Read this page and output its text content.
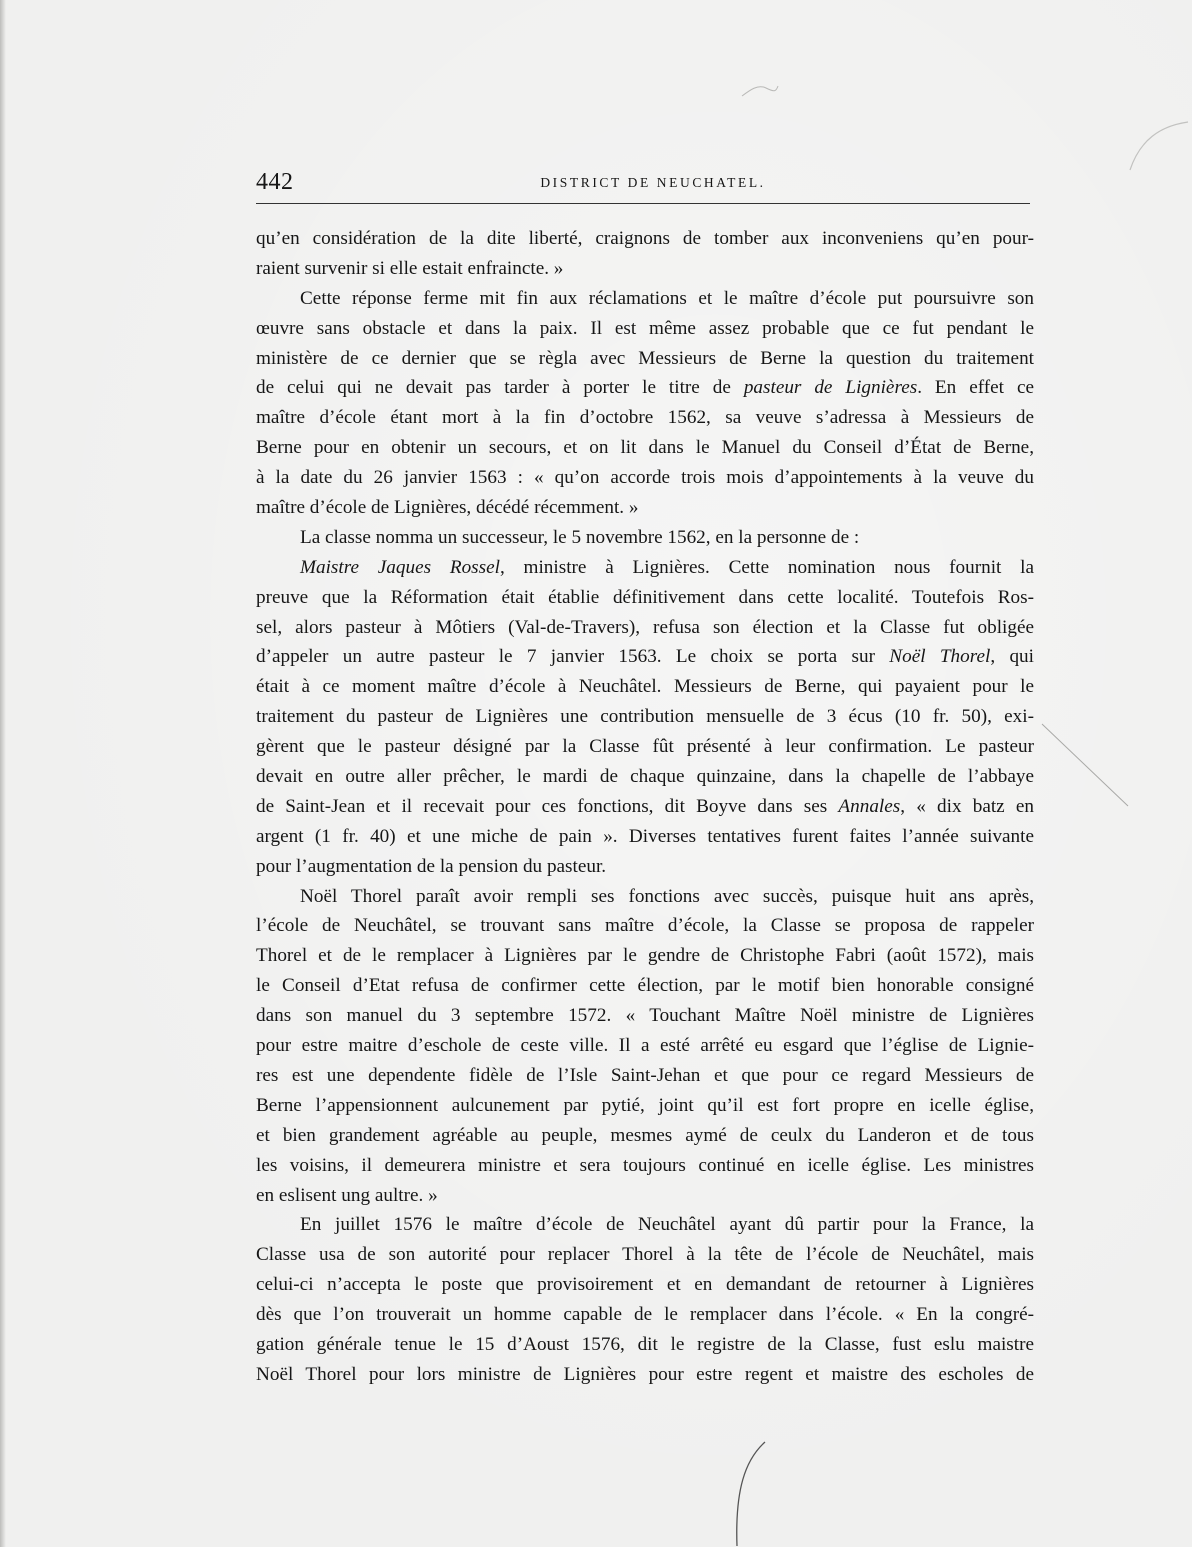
442	DISTRICT DE NEUCHATEL.
qu’en considération de la dite liberté, craignons de tomber aux inconveniens qu’en pour-
raient survenir si elle estait enfraincte. »
Cette réponse ferme mit fin aux réclamations et le maître d’école put poursuivre son
œuvre sans obstacle et dans la paix. Il est même assez probable que ce fut pendant le
ministère de ce dernier que se règla avec Messieurs de Berne la question du traitement
de celui qui ne devait pas tarder à porter le titre de pasteur de Lignières. En effet ce
maître d’école étant mort à la fin d’octobre 1562, sa veuve s’adressa à Messieurs de
Berne pour en obtenir un secours, et on lit dans le Manuel du Conseil d’État de Berne,
à la date du 26 janvier 1563 : « qu’on accorde trois mois d’appointements à la veuve du
maître d’école de Lignières, décédé récemment. »
La classe nomma un successeur, le 5 novembre 1562, en la personne de :
Maistre Jaques Rossel, ministre à Lignières. Cette nomination nous fournit la
preuve que la Réformation était établie définitivement dans cette localité. Toutefois Ros-
sel, alors pasteur à Môtiers (Val-de-Travers), refusa son élection et la Classe fut obligée
d’appeler un autre pasteur le 7 janvier 1563. Le choix se porta sur Noël Thorel, qui
était à ce moment maître d’école à Neuchâtel. Messieurs de Berne, qui payaient pour le
traitement du pasteur de Lignières une contribution mensuelle de 3 écus (10 fr. 50), exi-
gèrent que le pasteur désigné par la Classe fût présenté à leur confirmation. Le pasteur
devait en outre aller prêcher, le mardi de chaque quinzaine, dans la chapelle de l’abbaye
de Saint-Jean et il recevait pour ces fonctions, dit Boyve dans ses Annales, « dix batz en
argent (1 fr. 40) et une miche de pain ». Diverses tentatives furent faites l’année suivante
pour l’augmentation de la pension du pasteur.
Noël Thorel paraît avoir rempli ses fonctions avec succès, puisque huit ans après,
l’école de Neuchâtel, se trouvant sans maître d’école, la Classe se proposa de rappeler
Thorel et de le remplacer à Lignières par le gendre de Christophe Fabri (août 1572), mais
le Conseil d’Etat refusa de confirmer cette élection, par le motif bien honorable consigné
dans son manuel du 3 septembre 1572. « Touchant Maître Noël ministre de Lignières
pour estre maitre d’eschole de ceste ville. Il a esté arrêté eu esgard que l’église de Lignie-
res est une dependente fidèle de l’Isle Saint-Jehan et que pour ce regard Messieurs de
Berne l’appensionnent aulcunement par pytié, joint qu’il est fort propre en icelle église,
et bien grandement agréable au peuple, mesmes aymé de ceulx du Landeron et de tous
les voisins, il demeurera ministre et sera toujours continué en icelle église. Les ministres
en eslisent ung aultre. »
En juillet 1576 le maître d’école de Neuchâtel ayant dû partir pour la France, la
Classe usa de son autorité pour replacer Thorel à la tête de l’école de Neuchâtel, mais
celui-ci n’accepta le poste que provisoirement et en demandant de retourner à Lignières
dès que l’on trouverait un homme capable de le remplacer dans l’école. « En la congré-
gation générale tenue le 15 d’Aoust 1576, dit le registre de la Classe, fust eslu maistre
Noël Thorel pour lors ministre de Lignières pour estre regent et maistre des escholes de
